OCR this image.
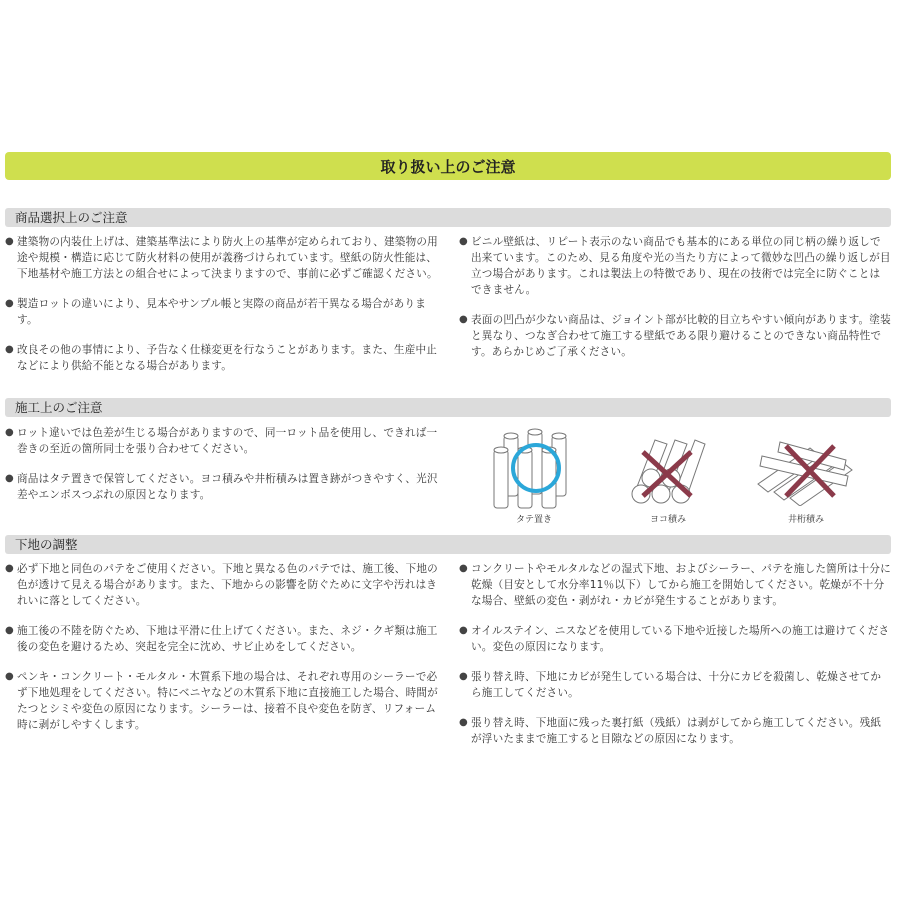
取り扱い上のご注意
商品選択上のご注意
● 建築物の内装仕上げは、建築基準法により防火上の基準が定められており、建築物の用途や規模・構造に応じて防火材料の使用が義務づけられています。壁紙の防火性能は、下地基材や施工方法との組合せによって決まりますので、事前に必ずご確認ください。
● 製造ロットの違いにより、見本やサンプル帳と実際の商品が若干異なる場合があります。
● 改良その他の事情により、予告なく仕様変更を行なうことがあります。また、生産中止などにより供給不能となる場合があります。
● ビニル壁紙は、リピート表示のない商品でも基本的にある単位の同じ柄の繰り返しで出来ています。このため、見る角度や光の当たり方によって微妙な凹凸の繰り返しが目立つ場合があります。これは製法上の特徴であり、現在の技術では完全に防ぐことはできません。
● 表面の凹凸が少ない商品は、ジョイント部が比較的目立ちやすい傾向があります。塗装と異なり、つなぎ合わせて施工する壁紙である限り避けることのできない商品特性です。あらかじめご了承ください。
施工上のご注意
● ロット違いでは色差が生じる場合がありますので、同一ロット品を使用し、できれば一巻きの至近の箇所同士を張り合わせてください。
● 商品はタテ置きで保管してください。ヨコ積みや井桁積みは置き跡がつきやすく、光沢差やエンボスつぶれの原因となります。
タテ置き	ヨコ積み	井桁積み
下地の調整
● 必ず下地と同色のパテをご使用ください。下地と異なる色のパテでは、施工後、下地の色が透けて見える場合があります。また、下地からの影響を防ぐために文字や汚れはきれいに落としてください。
● 施工後の不陸を防ぐため、下地は平滑に仕上げてください。また、ネジ・クギ類は施工後の変色を避けるため、突起を完全に沈め、サビ止めをしてください。
● ペンキ・コンクリート・モルタル・木質系下地の場合は、それぞれ専用のシーラーで必ず下地処理をしてください。特にベニヤなどの木質系下地に直接施工した場合、時間がたつとシミや変色の原因になります。シーラーは、接着不良や変色を防ぎ、リフォーム時に剥がしやすくします。
● コンクリートやモルタルなどの湿式下地、およびシーラー、パテを施した箇所は十分に乾燥（目安として水分率11％以下）してから施工を開始してください。乾燥が不十分な場合、壁紙の変色・剥がれ・カビが発生することがあります。
● オイルステイン、ニスなどを使用している下地や近接した場所への施工は避けてください。変色の原因になります。
● 張り替え時、下地にカビが発生している場合は、十分にカビを殺菌し、乾燥させてから施工してください。
● 張り替え時、下地面に残った裏打紙（残紙）は剥がしてから施工してください。残紙が浮いたままで施工すると目隙などの原因になります。
